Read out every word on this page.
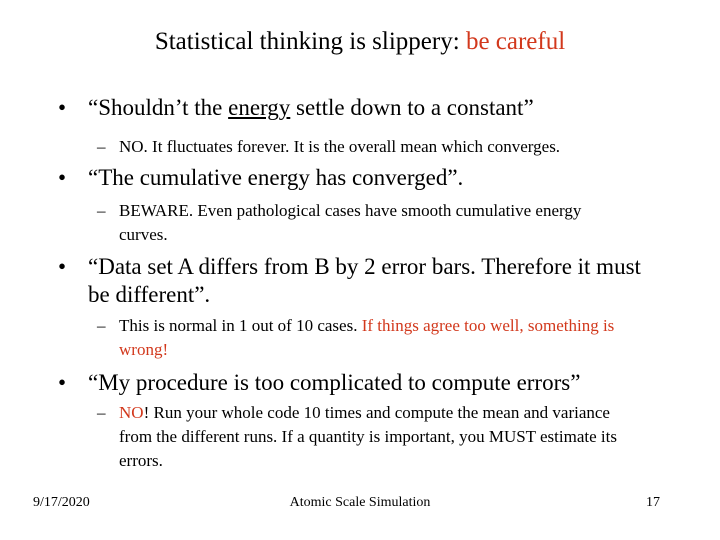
Statistical thinking is slippery: be careful
• “Shouldn’t the energy settle down to a constant”
– NO. It fluctuates forever. It is the overall mean which converges.
• “The cumulative energy has converged”.
– BEWARE. Even pathological cases have smooth cumulative energy curves.
• “Data set A differs from B by 2 error bars. Therefore it must be different”.
– This is normal in 1 out of 10 cases. If things agree too well, something is wrong!
• “My procedure is too complicated to compute errors”
– NO! Run your whole code 10 times and compute the mean and variance from the different runs. If a quantity is important, you MUST estimate its errors.
9/17/2020	Atomic Scale Simulation	17
